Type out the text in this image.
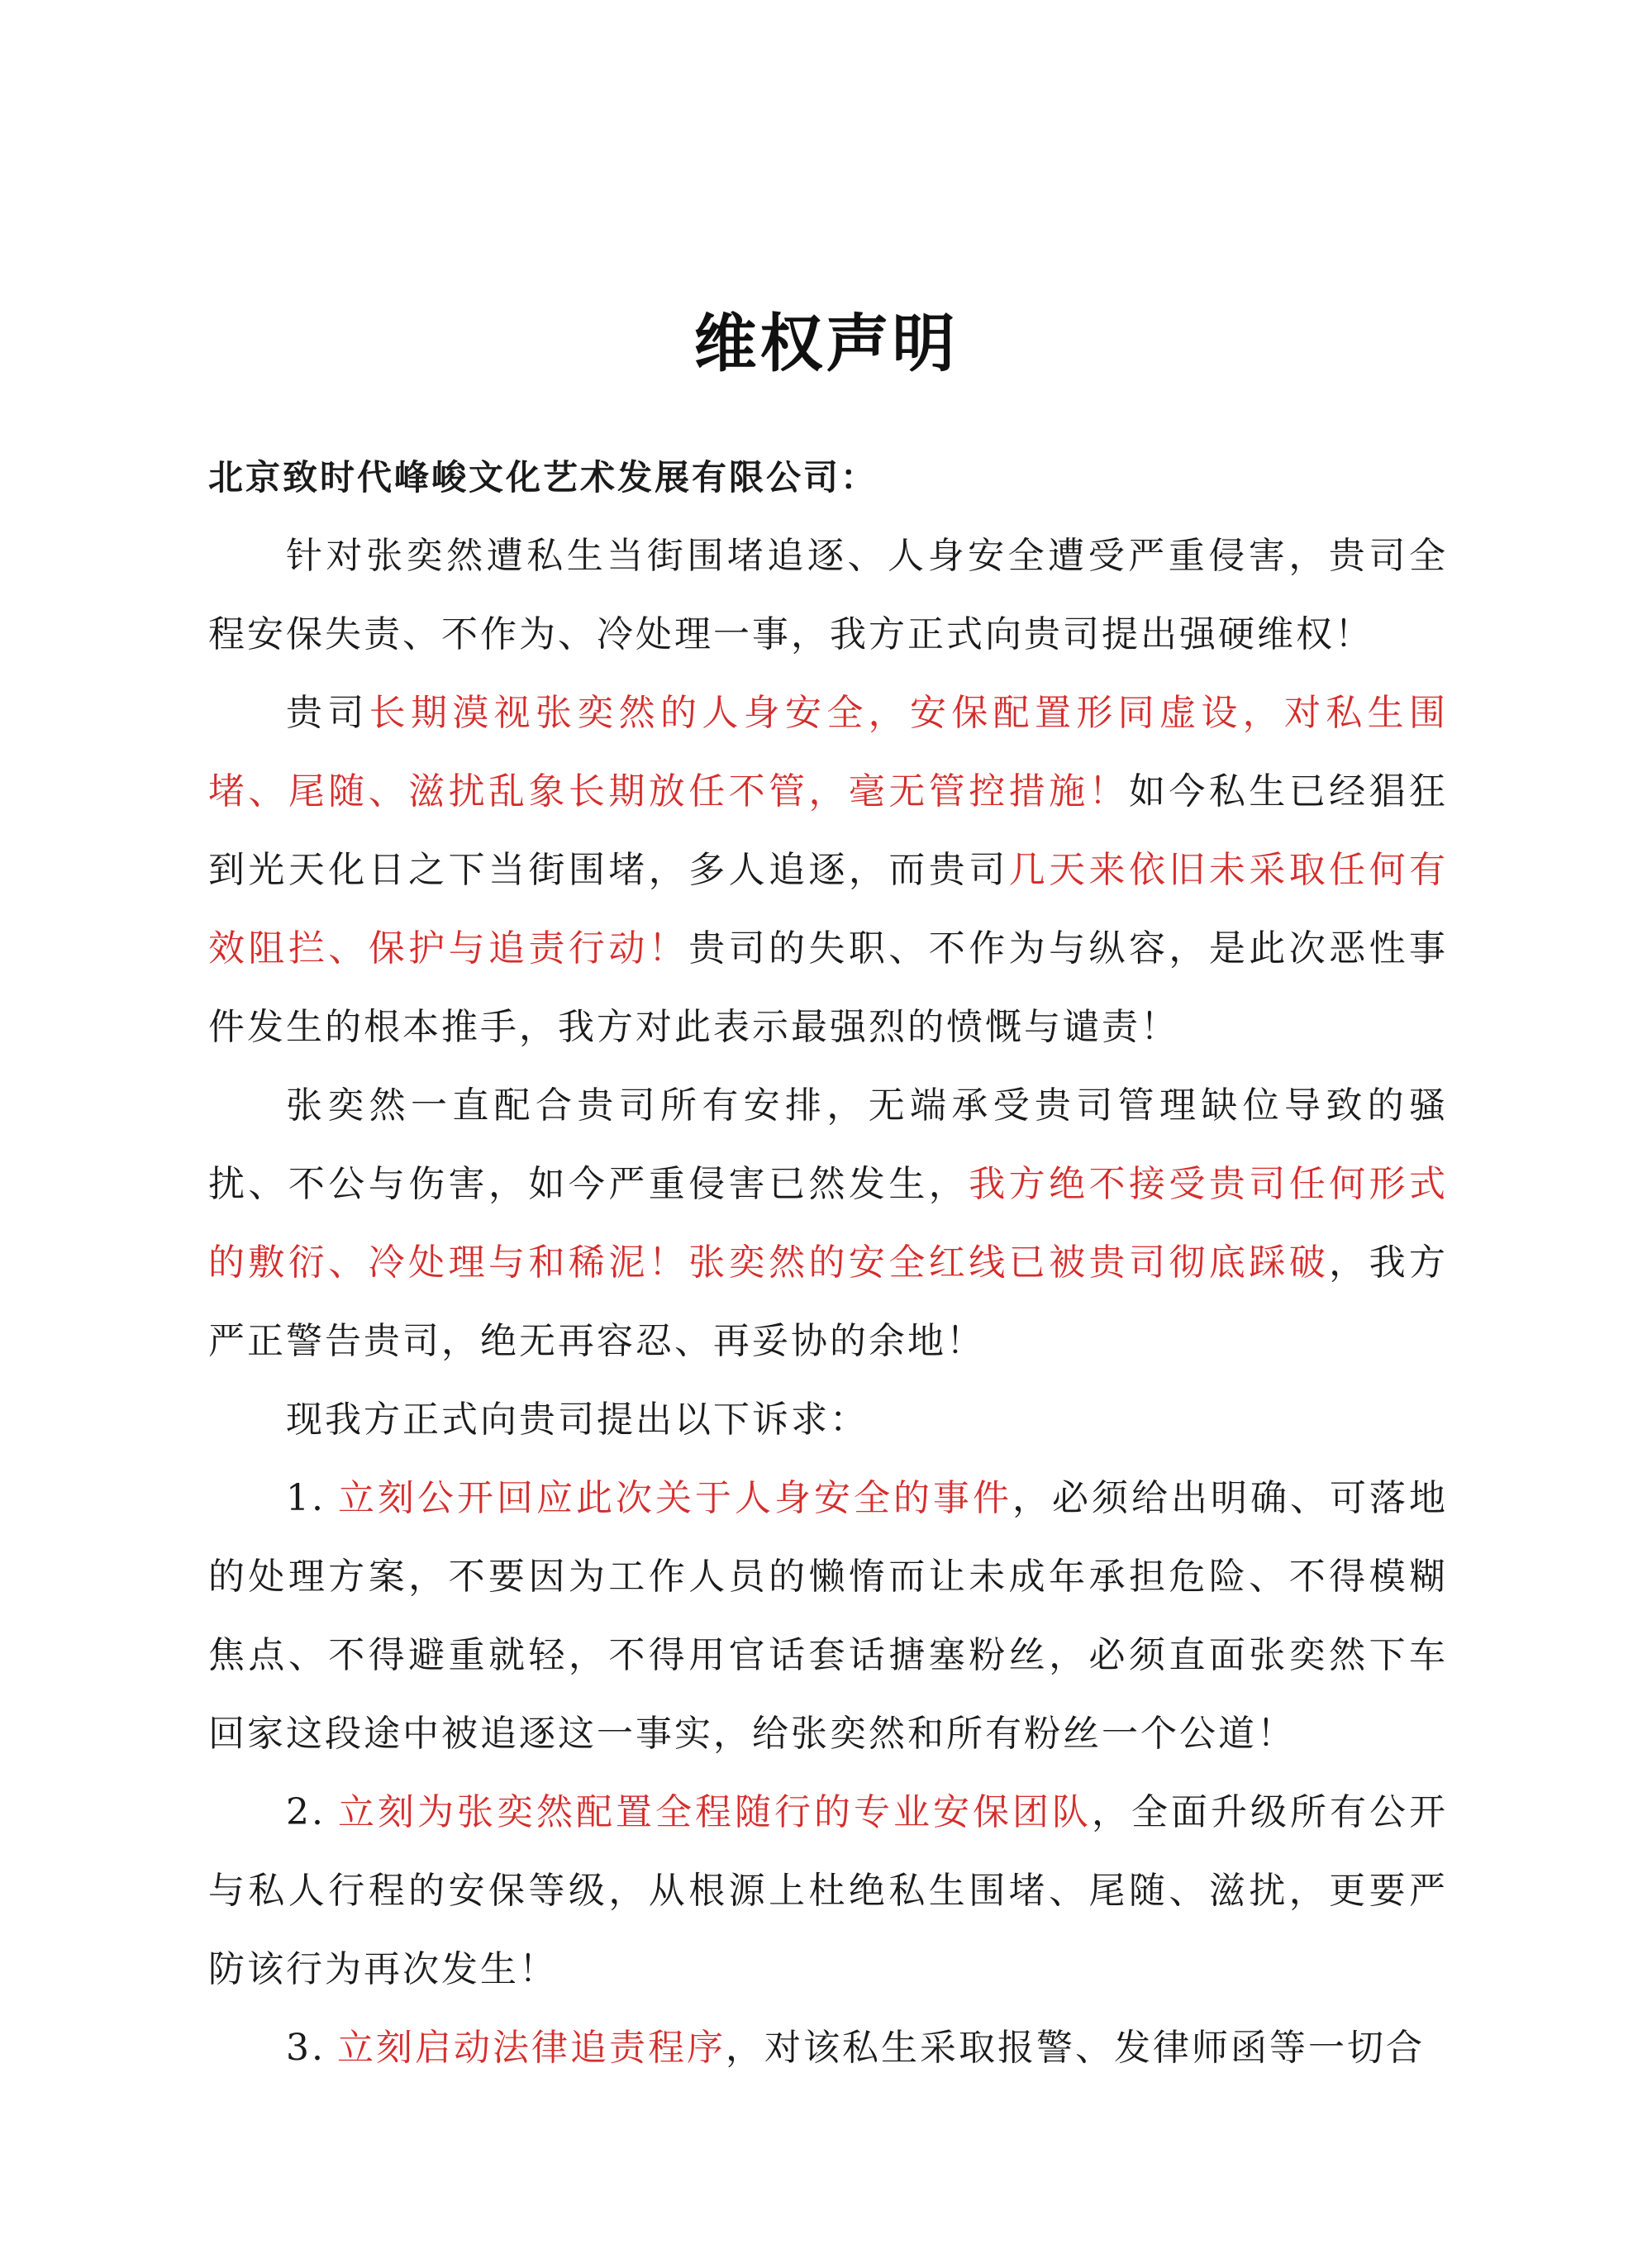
维权声明

北京致时代峰峻文化艺术发展有限公司：

针对张奕然遭私生当街围堵追逐、人身安全遭受严重侵害，贵司全程安保失责、不作为、冷处理一事，我方正式向贵司提出强硬维权！

贵司长期漠视张奕然的人身安全，安保配置形同虚设，对私生围堵、尾随、滋扰乱象长期放任不管，毫无管控措施！如今私生已经猖狂到光天化日之下当街围堵，多人追逐，而贵司几天来依旧未采取任何有效阻拦、保护与追责行动！贵司的失职、不作为与纵容，是此次恶性事件发生的根本推手，我方对此表示最强烈的愤慨与谴责！

张奕然一直配合贵司所有安排，无端承受贵司管理缺位导致的骚扰、不公与伤害，如今严重侵害已然发生，我方绝不接受贵司任何形式的敷衍、冷处理与和稀泥！张奕然的安全红线已被贵司彻底踩破，我方严正警告贵司，绝无再容忍、再妥协的余地！

现我方正式向贵司提出以下诉求：

1. 立刻公开回应此次关于人身安全的事件，必须给出明确、可落地的处理方案，不要因为工作人员的懒惰而让未成年承担危险、不得模糊焦点、不得避重就轻，不得用官话套话搪塞粉丝，必须直面张奕然下车回家这段途中被追逐这一事实，给张奕然和所有粉丝一个公道！

2. 立刻为张奕然配置全程随行的专业安保团队，全面升级所有公开与私人行程的安保等级，从根源上杜绝私生围堵、尾随、滋扰，更要严防该行为再次发生！

3. 立刻启动法律追责程序，对该私生采取报警、发律师函等一切合
